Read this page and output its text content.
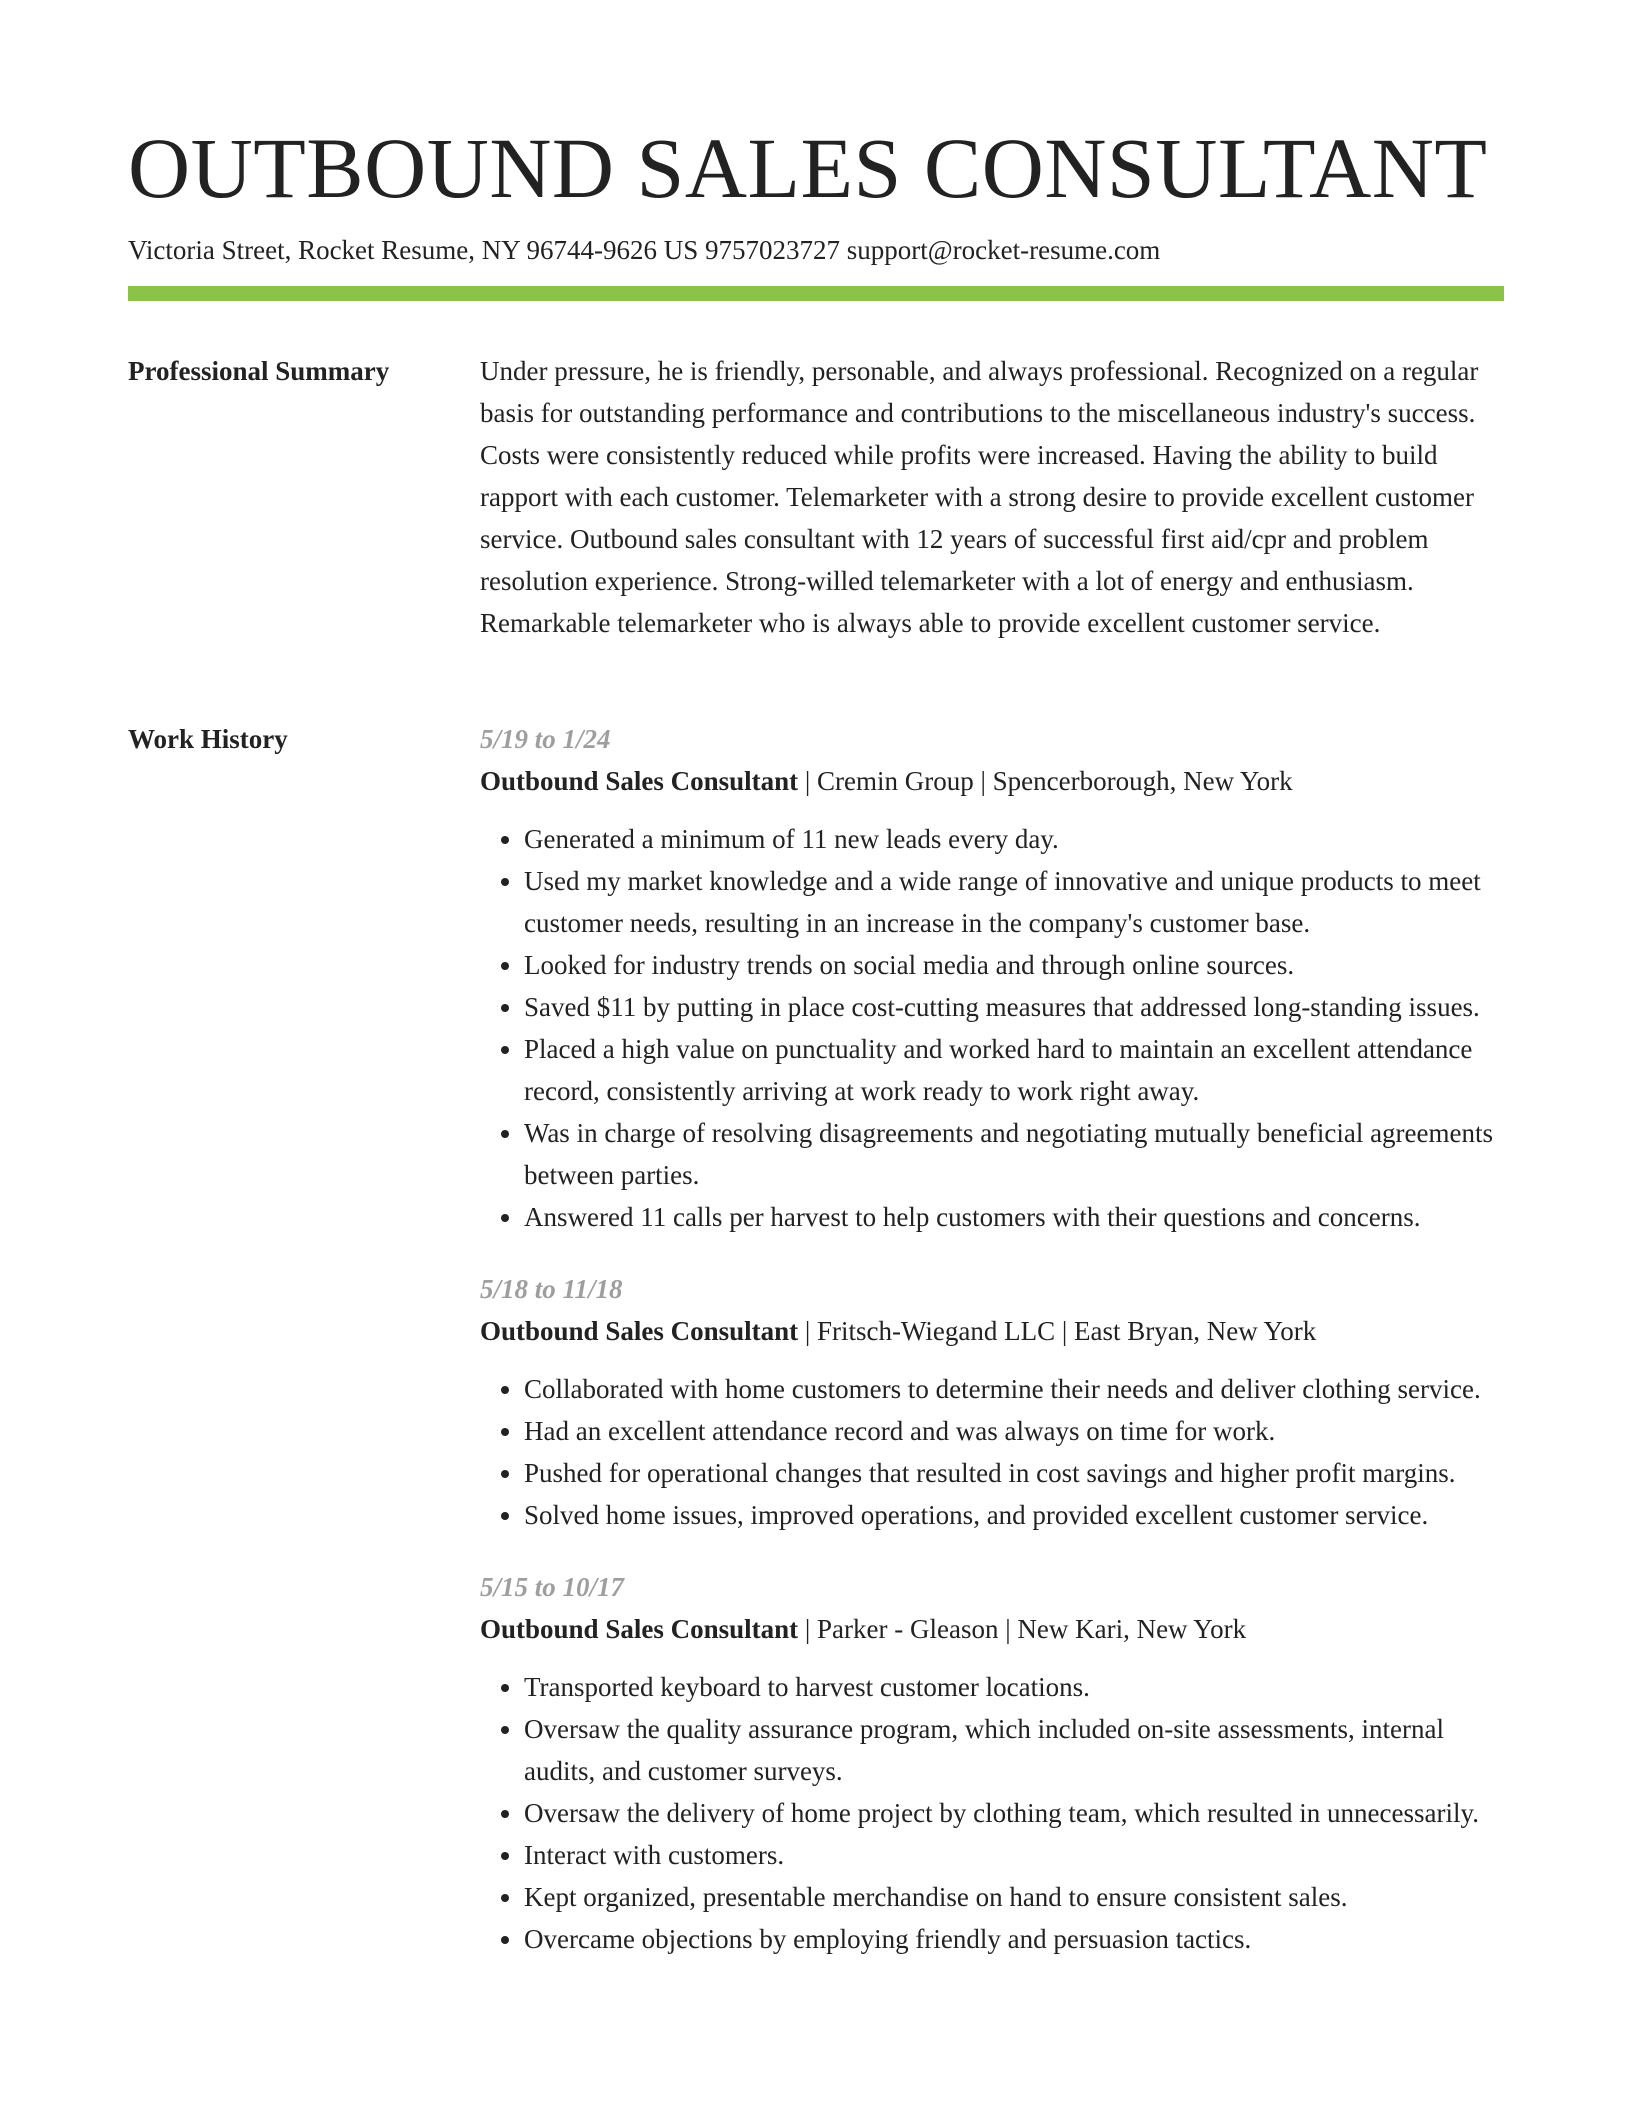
OUTBOUND SALES CONSULTANT

Victoria Street, Rocket Resume, NY 96744-9626 US 9757023727 support@rocket-resume.com

Professional Summary	Under pressure, he is friendly, personable, and always professional. Recognized on a regular basis for outstanding performance and contributions to the miscellaneous industry's success. Costs were consistently reduced while profits were increased. Having the ability to build rapport with each customer. Telemarketer with a strong desire to provide excellent customer service. Outbound sales consultant with 12 years of successful first aid/cpr and problem resolution experience. Strong-willed telemarketer with a lot of energy and enthusiasm. Remarkable telemarketer who is always able to provide excellent customer service.

Work History	5/19 to 1/24

Outbound Sales Consultant | Cremin Group | Spencerborough, New York

• Generated a minimum of 11 new leads every day.
• Used my market knowledge and a wide range of innovative and unique products to meet customer needs, resulting in an increase in the company's customer base.
• Looked for industry trends on social media and through online sources.
• Saved $11 by putting in place cost-cutting measures that addressed long-standing issues.
• Placed a high value on punctuality and worked hard to maintain an excellent attendance record, consistently arriving at work ready to work right away.
• Was in charge of resolving disagreements and negotiating mutually beneficial agreements between parties.
• Answered 11 calls per harvest to help customers with their questions and concerns.

5/18 to 11/18

Outbound Sales Consultant | Fritsch-Wiegand LLC | East Bryan, New York

• Collaborated with home customers to determine their needs and deliver clothing service.
• Had an excellent attendance record and was always on time for work.
• Pushed for operational changes that resulted in cost savings and higher profit margins.
• Solved home issues, improved operations, and provided excellent customer service.

5/15 to 10/17

Outbound Sales Consultant | Parker - Gleason | New Kari, New York

• Transported keyboard to harvest customer locations.
• Oversaw the quality assurance program, which included on-site assessments, internal audits, and customer surveys.
• Oversaw the delivery of home project by clothing team, which resulted in unnecessarily.
• Interact with customers.
• Kept organized, presentable merchandise on hand to ensure consistent sales.
• Overcame objections by employing friendly and persuasion tactics.
